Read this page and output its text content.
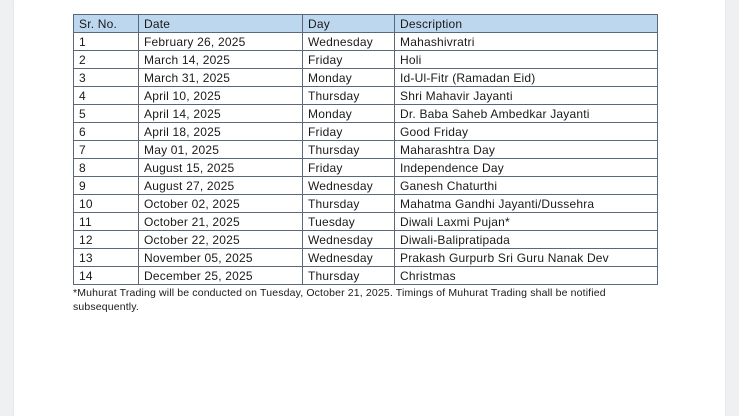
Sr. No.	Date	Day	Description
1	February 26, 2025	Wednesday	Mahashivratri
2	March 14, 2025	Friday	Holi
3	March 31, 2025	Monday	Id-Ul-Fitr (Ramadan Eid)
4	April 10, 2025	Thursday	Shri Mahavir Jayanti
5	April 14, 2025	Monday	Dr. Baba Saheb Ambedkar Jayanti
6	April 18, 2025	Friday	Good Friday
7	May 01, 2025	Thursday	Maharashtra Day
8	August 15, 2025	Friday	Independence Day
9	August 27, 2025	Wednesday	Ganesh Chaturthi
10	October 02, 2025	Thursday	Mahatma Gandhi Jayanti/Dussehra
11	October 21, 2025	Tuesday	Diwali Laxmi Pujan*
12	October 22, 2025	Wednesday	Diwali-Balipratipada
13	November 05, 2025	Wednesday	Prakash Gurpurb Sri Guru Nanak Dev
14	December 25, 2025	Thursday	Christmas
*Muhurat Trading will be conducted on Tuesday, October 21, 2025. Timings of Muhurat Trading shall be notified subsequently.
